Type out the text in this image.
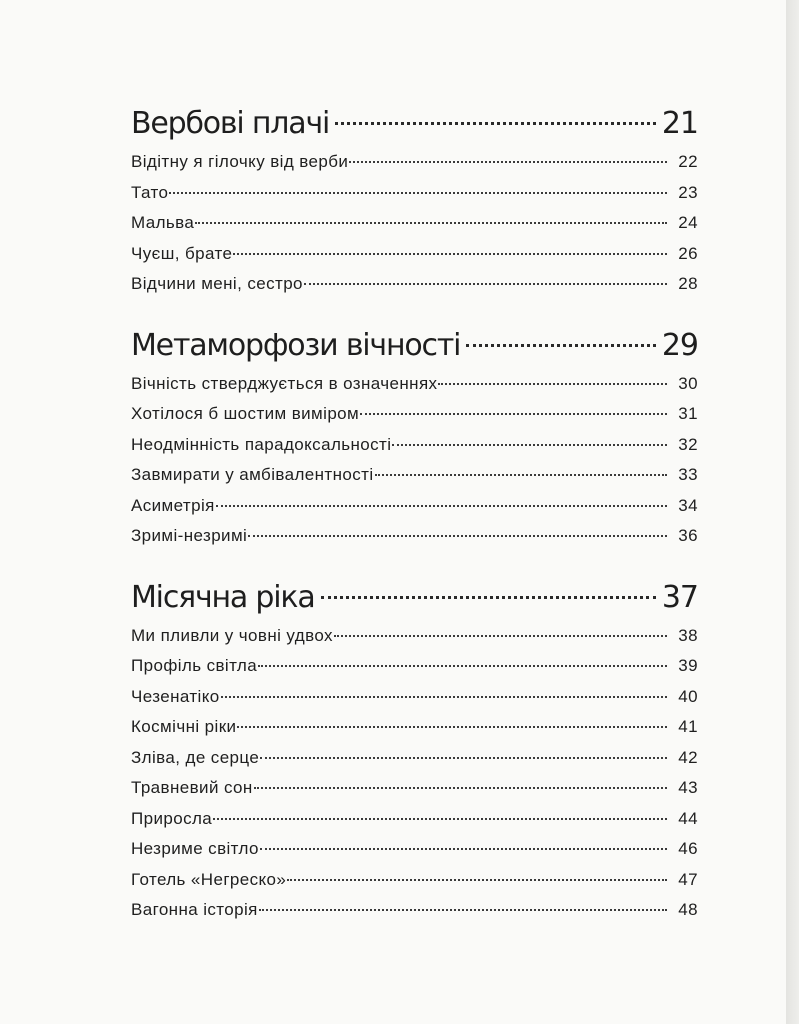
Вербові плачі	21
Відітну я гілочку від верби	22
Тато	23
Мальва	24
Чуєш, брате	26
Відчини мені, сестро	28
Метаморфози вічності	29
Вічність стверджується в означеннях	30
Хотілося б шостим виміром	31
Неодмінність парадоксальності	32
Завмирати у амбівалентності	33
Асиметрія	34
Зримі-незримі	36
Місячна ріка	37
Ми пливли у човні удвох	38
Профіль світла	39
Чезенатіко	40
Космічні ріки	41
Зліва, де серце	42
Травневий сон	43
Приросла	44
Незриме світло	46
Готель «Негреско»	47
Вагонна історія	48
